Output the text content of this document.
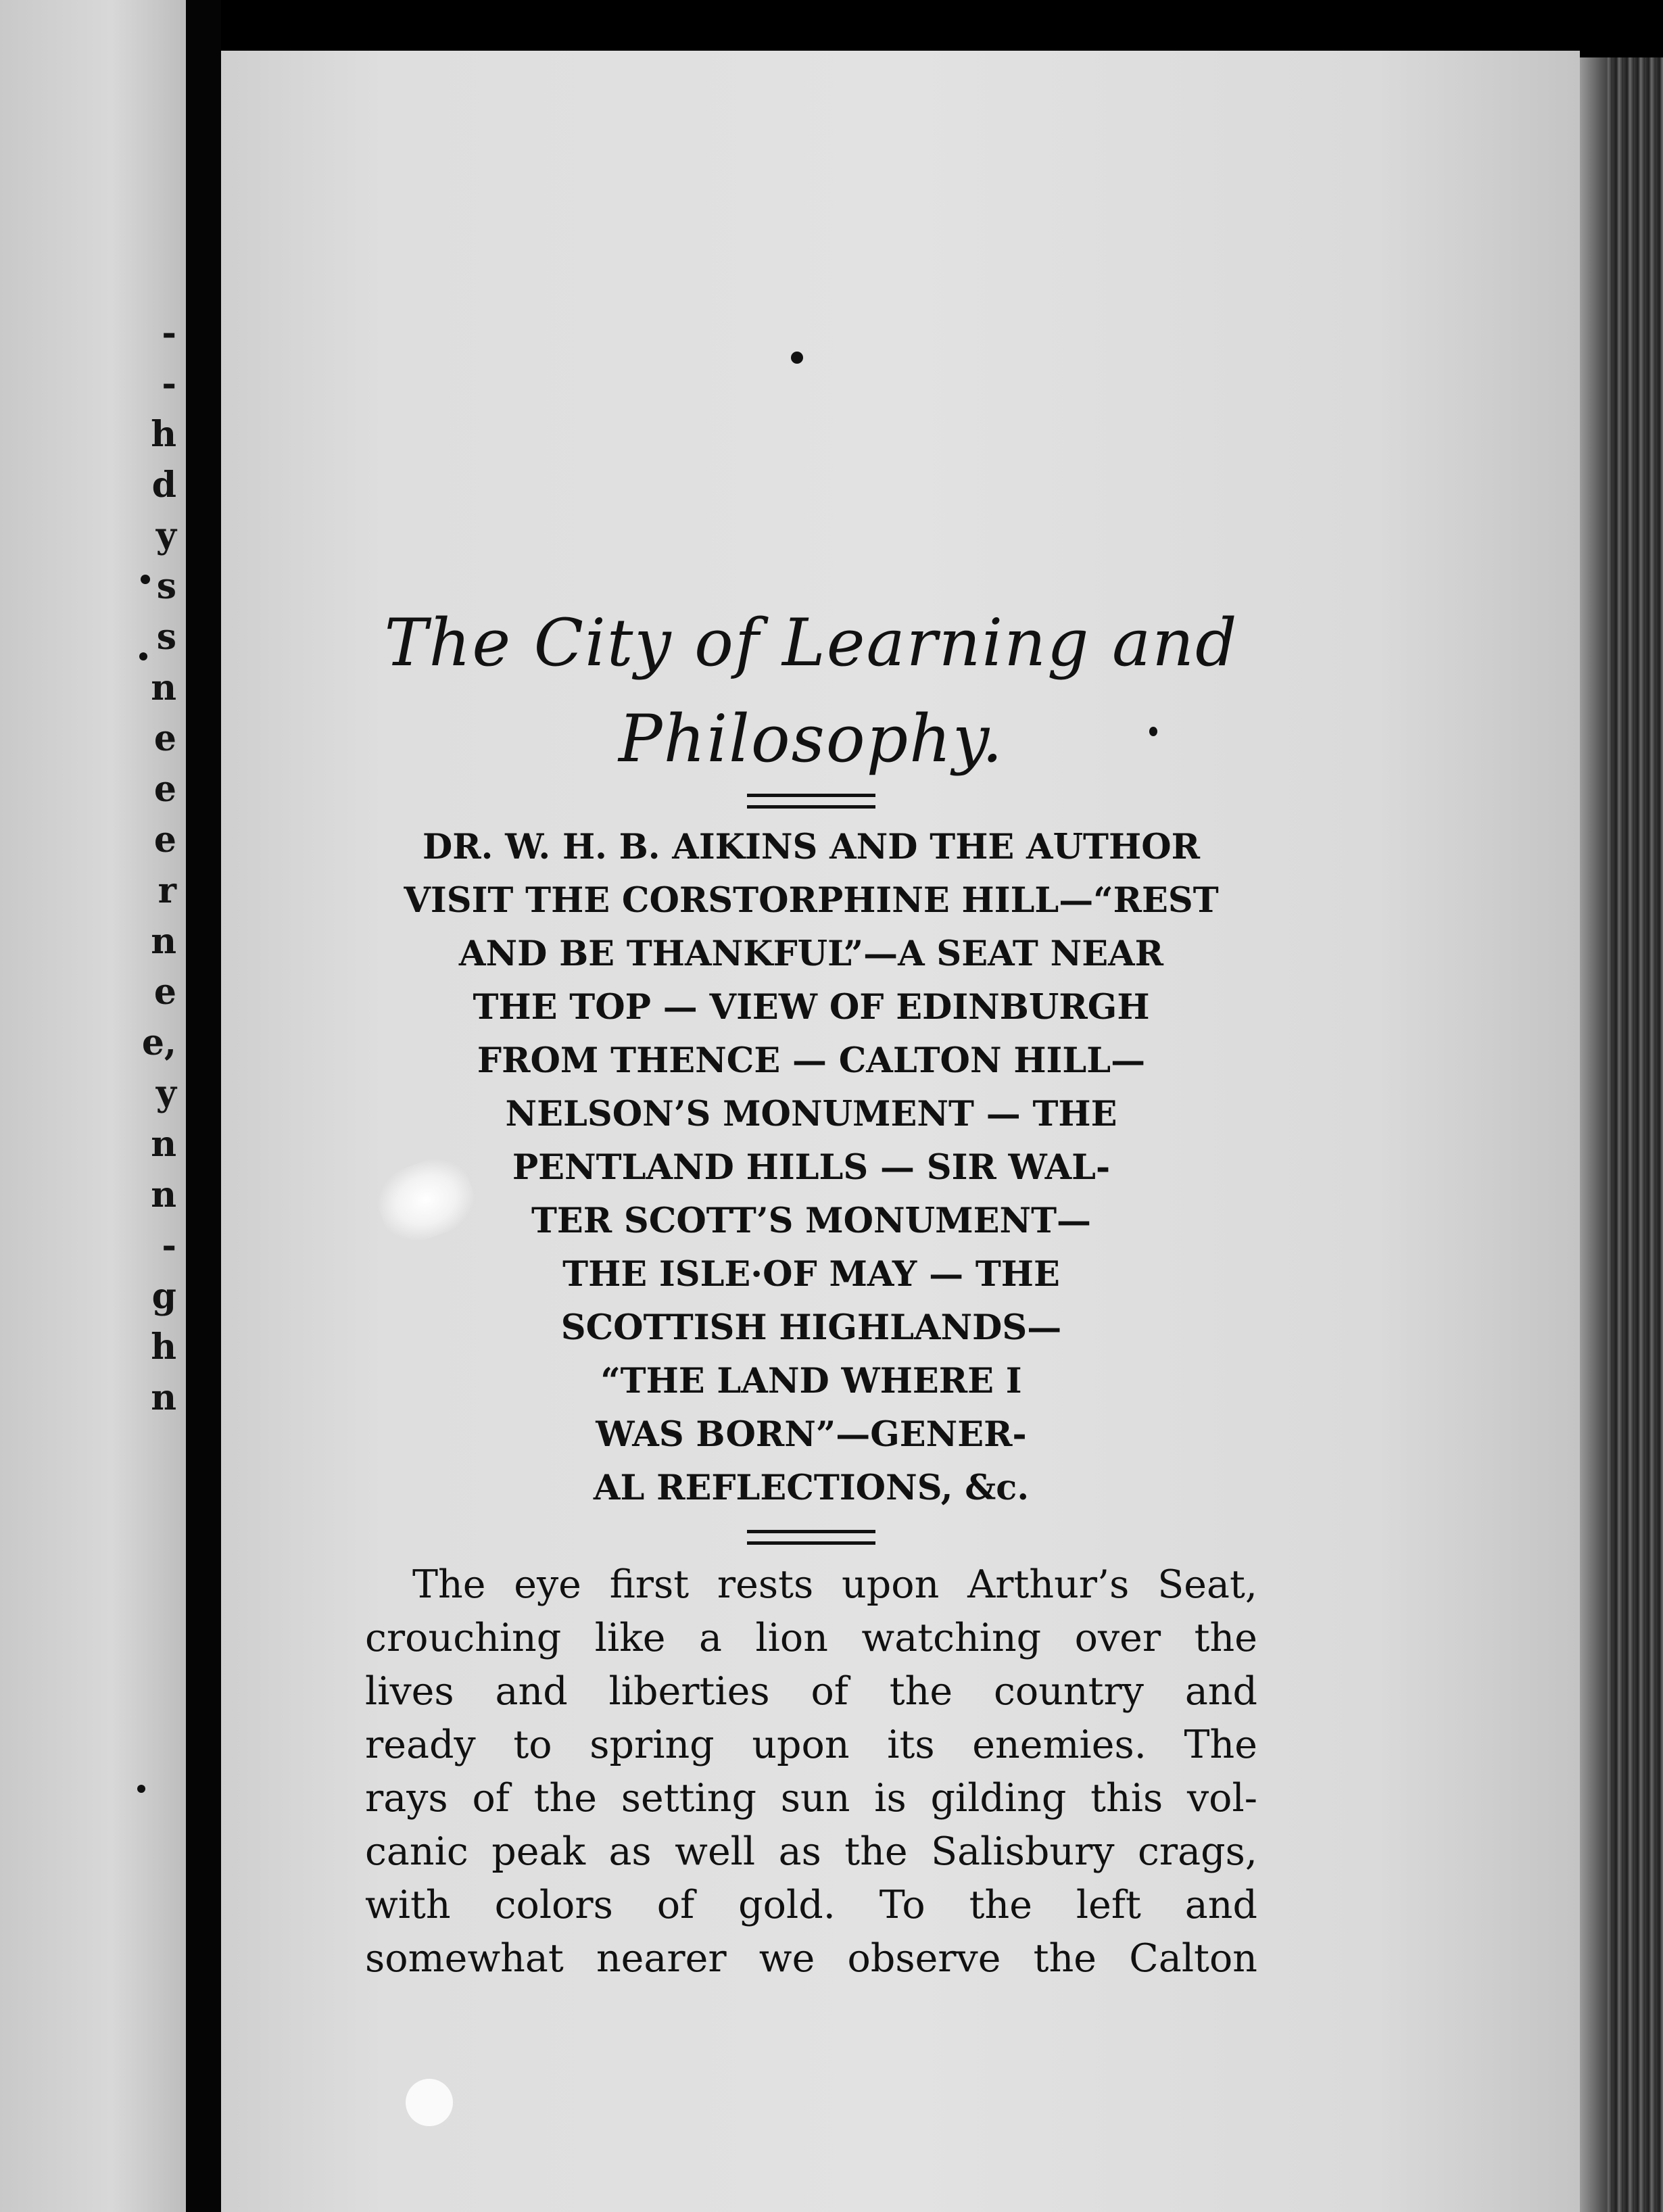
-
-
h
d
y
s
s
n
e
e
e
r
n
e
e,
y
n
n
-
g
h
n
The City of Learning and
Philosophy.
DR. W. H. B. AIKINS AND THE AUTHOR
VISIT THE CORSTORPHINE HILL—“REST
AND BE THANKFUL”—A SEAT NEAR
THE TOP — VIEW OF EDINBURGH
FROM THENCE — CALTON HILL—
NELSON’S MONUMENT — THE
PENTLAND HILLS — SIR WAL-
TER SCOTT’S MONUMENT—
THE ISLE·OF MAY — THE
SCOTTISH HIGHLANDS—
“THE LAND WHERE I
WAS BORN”—GENER-
AL REFLECTIONS, &c.
The eye first rests upon Arthur’s Seat,
crouching like a lion watching over the
lives and liberties of the country and
ready to spring upon its enemies. The
rays of the setting sun is gilding this vol-
canic peak as well as the Salisbury crags,
with colors of gold. To the left and
somewhat nearer we observe the Calton
